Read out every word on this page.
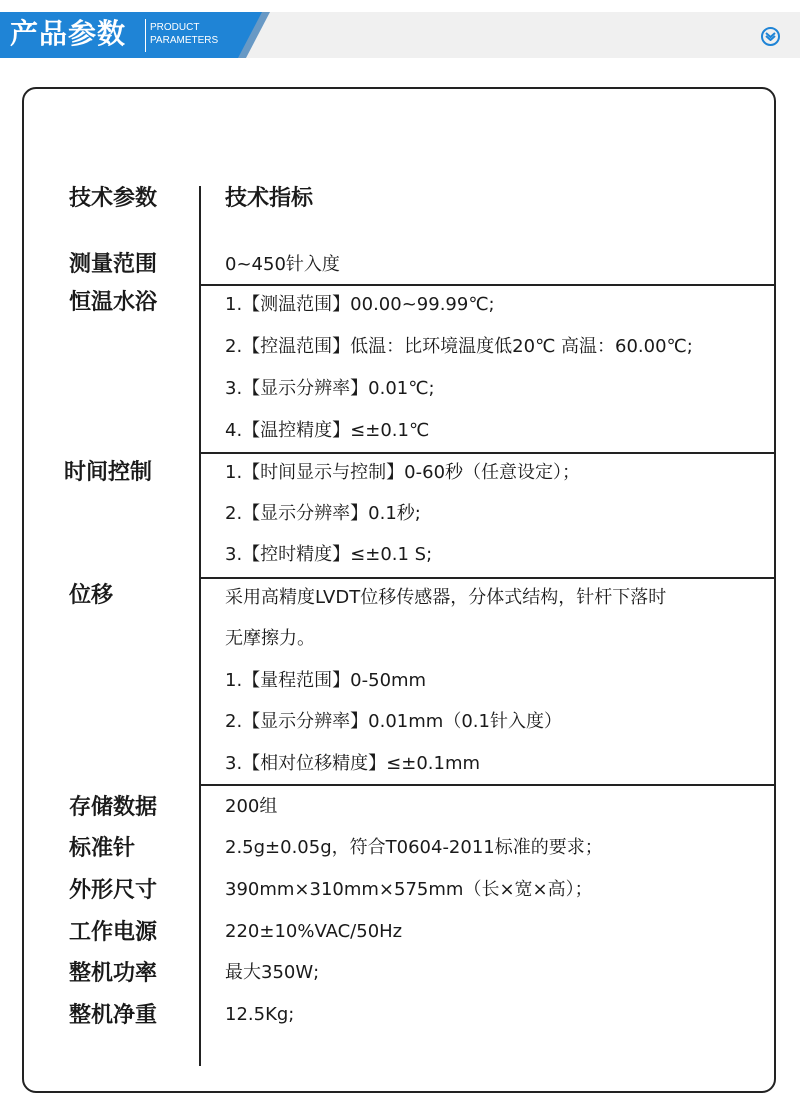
产品参数 PRODUCT
PARAMETERS
技术参数	技术指标
测量范围	0~450针入度
恒温水浴	1.【测温范围】00.00~99.99℃;
2.【控温范围】低温：比环境温度低20℃ 高温：60.00℃;
3.【显示分辨率】0.01℃;
4.【温控精度】≤±0.1℃
时间控制	1.【时间显示与控制】0-60秒（任意设定）；
2.【显示分辨率】0.1秒;
3.【控时精度】≤±0.1 S;
位移	采用高精度LVDT位移传感器，分体式结构，针杆下落时
无摩擦力。
1.【量程范围】0-50mm
2.【显示分辨率】0.01mm（0.1针入度）
3.【相对位移精度】≤±0.1mm
存储数据	200组
标准针	2.5g±0.05g，符合T0604-2011标准的要求；
外形尺寸	390mm×310mm×575mm（长×宽×高）；
工作电源	220±10%VAC/50Hz
整机功率	最大350W;
整机净重	12.5Kg;
